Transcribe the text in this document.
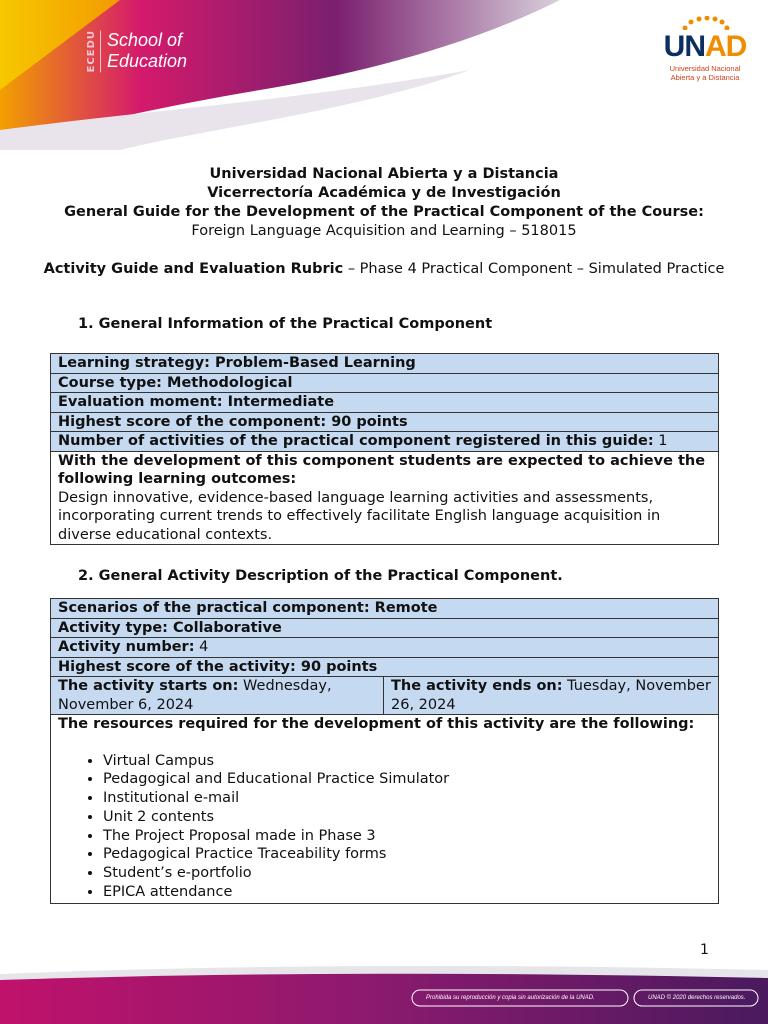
ECEDU School of
Education	UNAD
Universidad Nacional
Abierta y a Distancia
Universidad Nacional Abierta y a Distancia
Vicerrectoría Académica y de Investigación
General Guide for the Development of the Practical Component of the Course:
Foreign Language Acquisition and Learning – 518015
Activity Guide and Evaluation Rubric – Phase 4 Practical Component – Simulated Practice
1. General Information of the Practical Component
Learning strategy: Problem-Based Learning
Course type: Methodological
Evaluation moment: Intermediate
Highest score of the component: 90 points
Number of activities of the practical component registered in this guide: 1

With the development of this component students are expected to achieve the following learning outcomes:
Design innovative, evidence-based language learning activities and assessments, incorporating current trends to effectively facilitate English language acquisition in diverse educational contexts.
2. General Activity Description of the Practical Component.
Scenarios of the practical component: Remote
Activity type: Collaborative
Activity number: 4
Highest score of the activity: 90 points
The activity starts on: Wednesday, November 6, 2024	The activity ends on: Tuesday, November 26, 2024

The resources required for the development of this activity are the following:
• Virtual Campus
• Pedagogical and Educational Practice Simulator
• Institutional e-mail
• Unit 2 contents
• The Project Proposal made in Phase 3
• Pedagogical Practice Traceability forms
• Student’s e-portfolio
• EPICA attendance
1
Prohibida su reproducción y copia sin autorización de la UNAD.	UNAD © 2020 derechos reservados.
